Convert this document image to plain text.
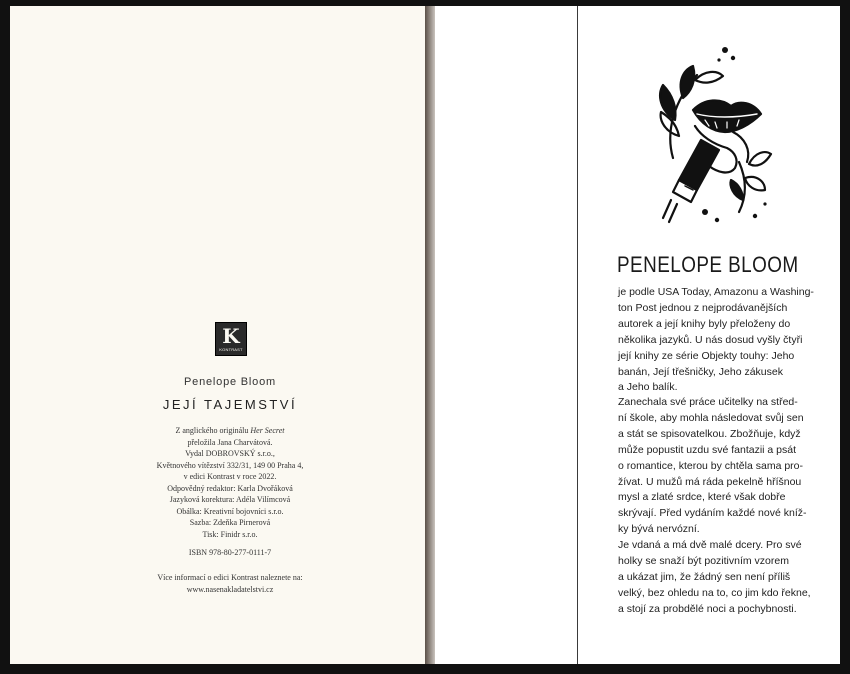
K
KONTRAST
Penelope Bloom
JEJÍ TAJEMSTVÍ
Z anglického originálu Her Secret
přeložila Jana Charvátová.
Vydal DOBROVSKÝ s.r.o.,
Květnového vítězství 332/31, 149 00 Praha 4,
v edici Kontrast v roce 2022.
Odpovědný redaktor: Karla Dvořáková
Jazyková korektura: Adéla Vilímcová
Obálka: Kreativní bojovníci s.r.o.
Sazba: Zdeňka Pirnerová
Tisk: Finidr s.r.o.
ISBN 978-80-277-0111-7
Více informací o edici Kontrast naleznete na:
www.nasenakladatelstvi.cz
PENELOPE BLOOM
je podle USA Today, Amazonu a Washing-
ton Post jednou z nejprodávanějších
autorek a její knihy byly přeloženy do
několika jazyků. U nás dosud vyšly čtyři
její knihy ze série Objekty touhy: Jeho
banán, Její třešničky, Jeho zákusek
a Jeho balík.
Zanechala své práce učitelky na střed-
ní škole, aby mohla následovat svůj sen
a stát se spisovatelkou. Zbožňuje, když
může popustit uzdu své fantazii a psát
o romantice, kterou by chtěla sama pro-
žívat. U mužů má ráda pekelně hříšnou
mysl a zlaté srdce, které však dobře
skrývají. Před vydáním každé nové kníž-
ky bývá nervózní.
Je vdaná a má dvě malé dcery. Pro své
holky se snaží být pozitivním vzorem
a ukázat jim, že žádný sen není příliš
velký, bez ohledu na to, co jim kdo řekne,
a stojí za probdělé noci a pochybnosti.
